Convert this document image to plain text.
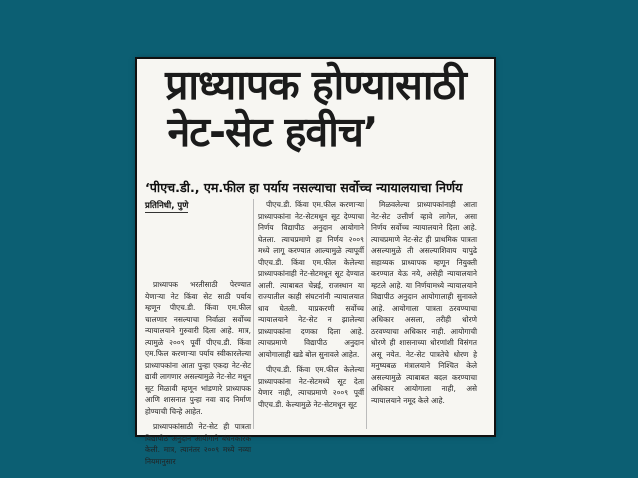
प्राध्यापक होण्यासाठी
नेट-सेट हवीच’
‘पीएच.डी., एम.फील हा पर्याय नसल्याचा सर्वोच्च न्यायालयाचा निर्णय
प्रतिनिधी, पुणे

प्राध्यापक भरतीसाठी पेरण्यात येणाऱ्या नेट किंवा सेट साठी पर्याय म्हणून पीएच.डी. किंवा एम.फील चालणार नसल्याचा निर्वाळा सर्वोच्च न्यायालयाने गुरुवारी दिला आहे. मात्र, त्यामुळे २००९ पूर्वी पीएच.डी. किंवा एम.फिल करणाऱ्या पर्याय स्वीकारलेल्या प्राध्यापकांना आता पुन्हा एकदा नेट-सेट द्यावी लागणार असल्यामुळे नेट-सेट मधून सूट मिळावी म्हणून भांडणारे प्राध्यापक आणि शासनात पुन्हा नवा वाद निर्माण होण्याची चिन्हे आहेत.

प्राध्यापकांसाठी नेट-सेट ही पात्रता विद्यापीठ अनुदान आयोगाने बंधनकारक केली. मात्र, त्यानंतर २००९ मध्ये नव्या नियमानुसार

पीएच.डी. किंवा एम.फील करणाऱ्या प्राध्यापकांना नेट-सेटमधून सूट देण्याचा निर्णय विद्यापीठ अनुदान आयोगाने घेतला. त्याचप्रमाणे हा निर्णय २००९ मध्ये लागू करण्यात आल्यामुळे त्यापूर्वी पीएच.डी. किंवा एम.फील केलेल्या प्राध्यापकांनाही नेट-सेटमधून सूट देण्यात आली. त्याबाबत चेन्नई, राजस्थान या राज्यातील काही संघटनांनी न्यायालयात धाव घेतली. याप्रकरणी सर्वोच्च न्यायालयाने नेट-सेट न झालेल्या प्राध्यापकांना दणका दिला आहे. त्याचप्रमाणे विद्यापीठ अनुदान आयोगालाही खडे बोल सुनावले आहेत.

पीएच.डी. किंवा एम.फील केलेल्या प्राध्यापकांना नेट-सेटमध्ये सूट देता येणार नाही, त्याचप्रमाणे २००९ पूर्वी पीएच.डी. केल्यामुळे नेट-सेटमधून सूट

मिळवलेल्या प्राध्यापकांनाही आता नेट-सेट उत्तीर्ण व्हावे लागेल, असा निर्णय सर्वोच्च न्यायालयाने दिला आहे. त्याचप्रमाणे नेट-सेट ही प्राथमिक पात्रता असल्यामुळे ती असल्याशिवाय यापुढे सहाय्यक प्राध्यापक म्हणून नियुक्ती करण्यात येऊ नये, असेही न्यायालयाने म्हटले आहे. या निर्णयामध्ये न्यायालयाने विद्यापीठ अनुदान आयोगालाही सुनावले आहे. आयोगाला पात्रता ठरवण्याचा अधिकार असला, तरीही धोरणे ठरवण्याचा अधिकार नाही. आयोगाची धोरणे ही शासनाच्या धोरणांशी विसंगत असू नयेत. नेट-सेट पात्रतेचे धोरण हे मनुष्यबळ मंत्रालयाने निश्चित केले असल्यामुळे त्याबाबत बदल करण्याचा अधिकार आयोगाला नाही, असे न्यायालयाने नमूद केले आहे.
